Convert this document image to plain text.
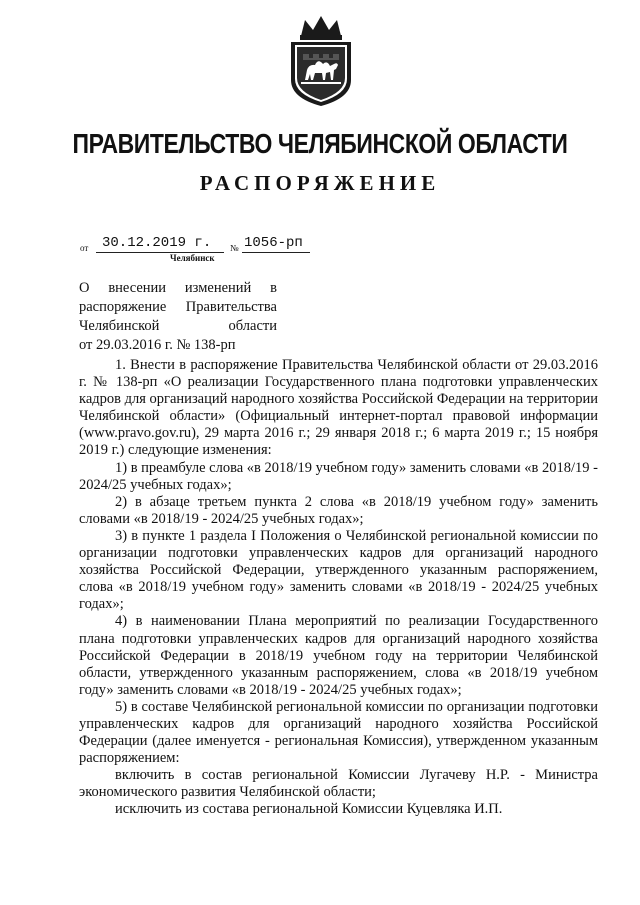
ПРАВИТЕЛЬСТВО ЧЕЛЯБИНСКОЙ ОБЛАСТИ
РАСПОРЯЖЕНИЕ
от 30.12.2019 г. № 1056-рп
Челябинск
О внесении изменений в
распоряжение Правительства
Челябинской области
от 29.03.2016 г. № 138-рп

1. Внести в распоряжение Правительства Челябинской области от 29.03.2016 г. № 138-рп «О реализации Государственного плана подготовки управленческих кадров для организаций народного хозяйства Российской Федерации на территории Челябинской области» (Официальный интернет-портал правовой информации (www.pravo.gov.ru), 29 марта 2016 г.; 29 января 2018 г.; 6 марта 2019 г.; 15 ноября 2019 г.) следующие изменения:

1) в преамбуле слова «в 2018/19 учебном году» заменить словами «в 2018/19 - 2024/25 учебных годах»;

2) в абзаце третьем пункта 2 слова «в 2018/19 учебном году» заменить словами «в 2018/19 - 2024/25 учебных годах»;

3) в пункте 1 раздела I Положения о Челябинской региональной комиссии по организации подготовки управленческих кадров для организаций народного хозяйства Российской Федерации, утвержденного указанным распоряжением, слова «в 2018/19 учебном году» заменить словами «в 2018/19 - 2024/25 учебных годах»;

4) в наименовании Плана мероприятий по реализации Государственного плана подготовки управленческих кадров для организаций народного хозяйства Российской Федерации в 2018/19 учебном году на территории Челябинской области, утвержденного указанным распоряжением, слова «в 2018/19 учебном году» заменить словами «в 2018/19 - 2024/25 учебных годах»;

5) в составе Челябинской региональной комиссии по организации подготовки управленческих кадров для организаций народного хозяйства Российской Федерации (далее именуется - региональная Комиссия), утвержденном указанным распоряжением:

включить в состав региональной Комиссии Лугачеву Н.Р. - Министра экономического развития Челябинской области;

исключить из состава региональной Комиссии Куцевляка И.П.
